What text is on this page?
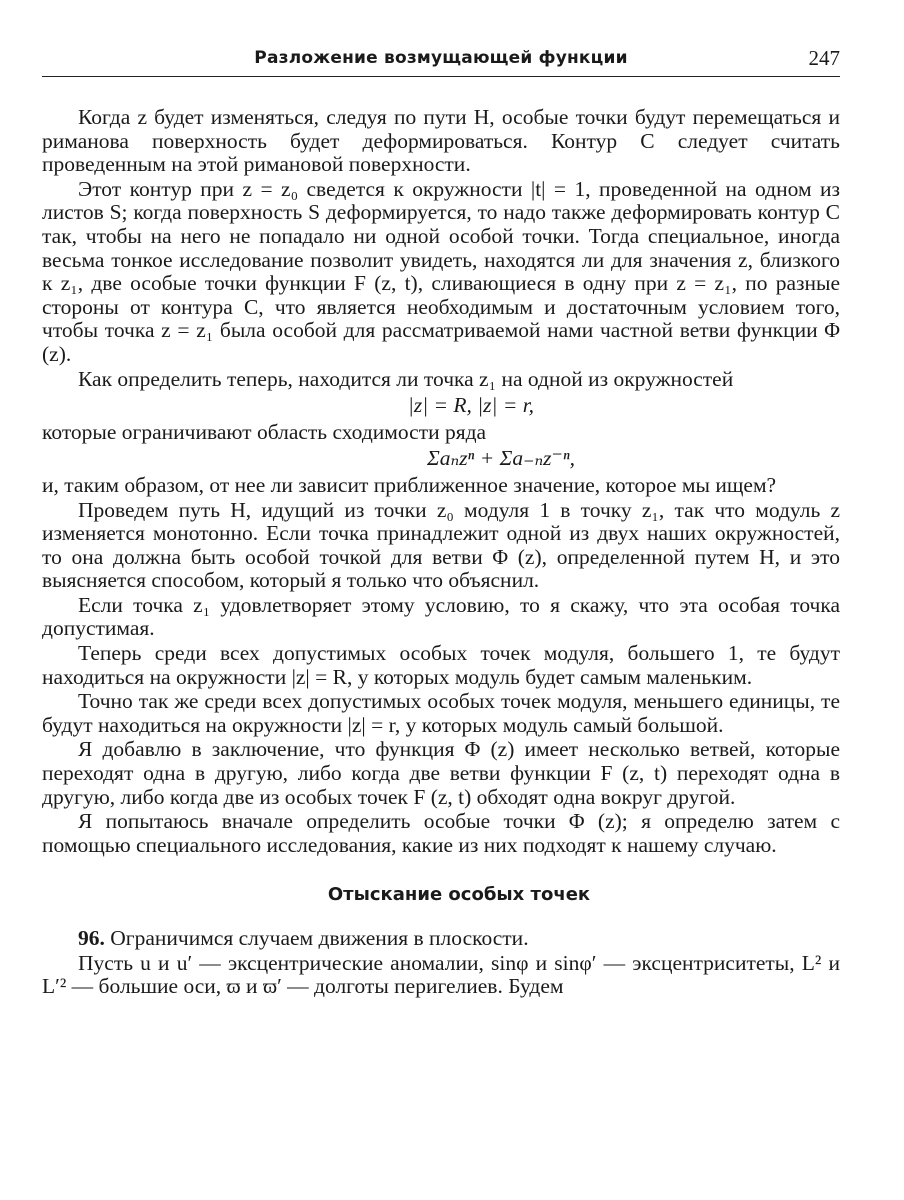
Разложение возмущающей функции	247

Когда z будет изменяться, следуя по пути H, особые точки будут перемещаться и риманова поверхность будет деформироваться. Контур C следует считать проведенным на этой римановой поверхности.

Этот контур при z = z₀ сведется к окружности |t| = 1, проведенной на одном из листов S; когда поверхность S деформируется, то надо также деформировать контур C так, чтобы на него не попадало ни одной особой точки. Тогда специальное, иногда весьма тонкое исследование позволит увидеть, находятся ли для значения z, близкого к z₁, две особые точки функции F (z, t), сливающиеся в одну при z = z₁, по разные стороны от контура C, что является необходимым и достаточным условием того, чтобы точка z = z₁ была особой для рассматриваемой нами частной ветви функции Φ (z).

Как определить теперь, находится ли точка z₁ на одной из окружностей

|z| = R, |z| = r,

которые ограничивают область сходимости ряда

Σaₙzⁿ + Σa₋ₙz⁻ⁿ,

и, таким образом, от нее ли зависит приближенное значение, которое мы ищем?

Проведем путь H, идущий из точки z₀ модуля 1 в точку z₁, так что модуль z изменяется монотонно. Если точка принадлежит одной из двух наших окружностей, то она должна быть особой точкой для ветви Φ (z), определенной путем H, и это выясняется способом, который я только что объяснил.

Если точка z₁ удовлетворяет этому условию, то я скажу, что эта особая точка допустимая.

Теперь среди всех допустимых особых точек модуля, большего 1, те будут находиться на окружности |z| = R, у которых модуль будет самым маленьким.

Точно так же среди всех допустимых особых точек модуля, меньшего единицы, те будут находиться на окружности |z| = r, у которых модуль самый большой.

Я добавлю в заключение, что функция Φ (z) имеет несколько ветвей, которые переходят одна в другую, либо когда две ветви функции F (z, t) переходят одна в другую, либо когда две из особых точек F (z, t) обходят одна вокруг другой.

Я попытаюсь вначале определить особые точки Φ (z); я определю затем с помощью специального исследования, какие из них подходят к нашему случаю.

Отыскание особых точек

96. Ограничимся случаем движения в плоскости.

Пусть u и u′ — эксцентрические аномалии, sinφ и sinφ′ — эксцентриситеты, L² и L′² — большие оси, ϖ и ϖ′ — долготы перигелиев. Будем
